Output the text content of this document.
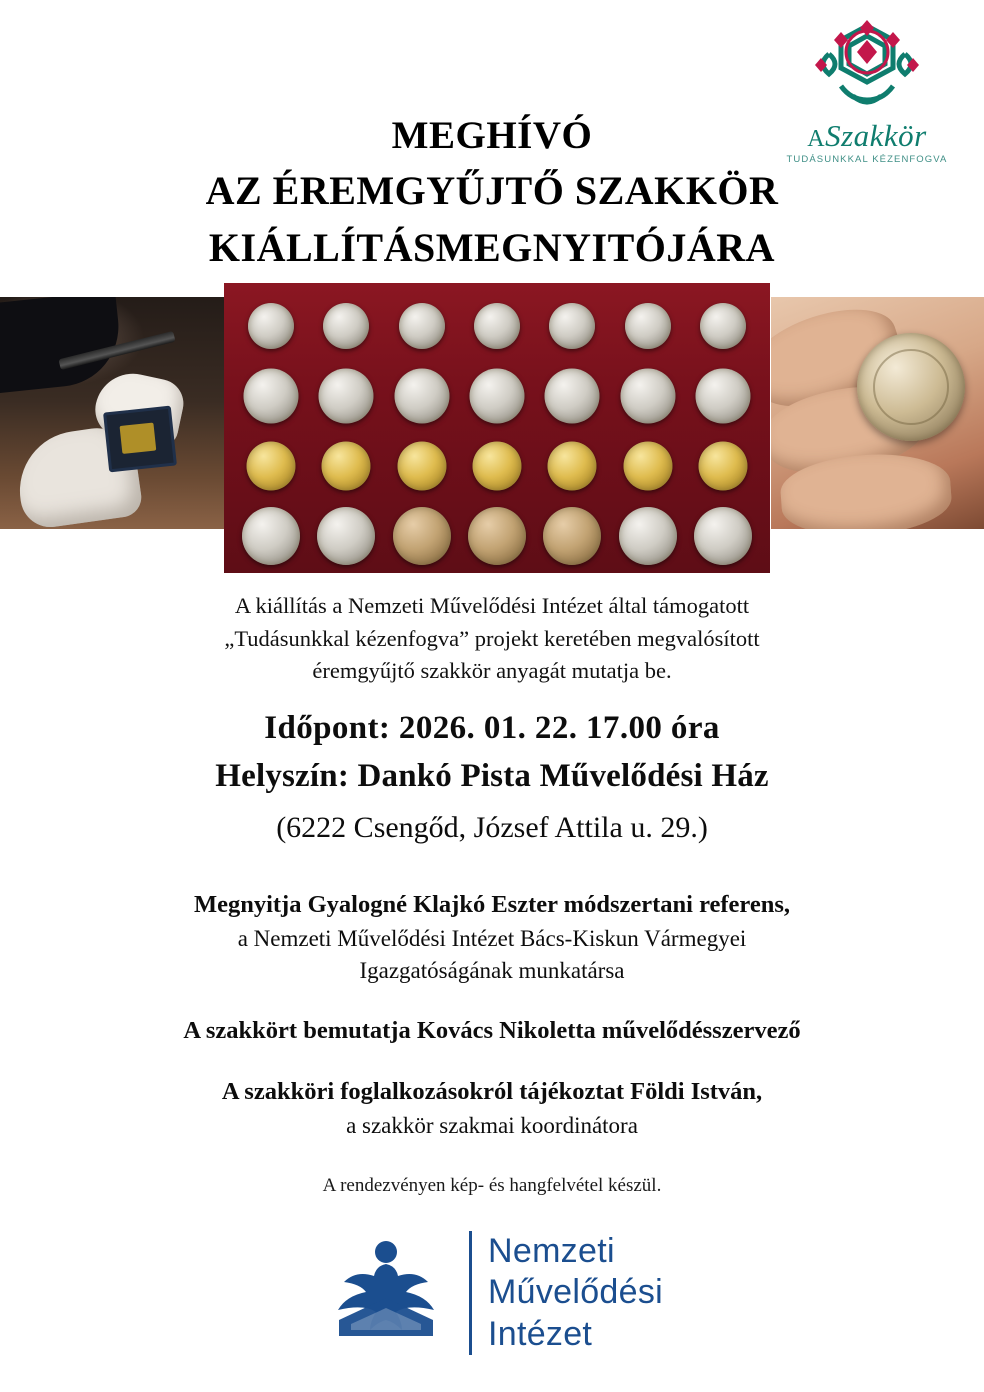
ASzakkör
TUDÁSUNKKAL KÉZENFOGVA
MEGHÍVÓ
AZ ÉREMGYŰJTŐ SZAKKÖR
KIÁLLÍTÁSMEGNYITÓJÁRA
A kiállítás a Nemzeti Művelődési Intézet által támogatott
„Tudásunkkal kézenfogva” projekt keretében megvalósított
éremgyűjtő szakkör anyagát mutatja be.
Időpont: 2026. 01. 22. 17.00 óra
Helyszín: Dankó Pista Művelődési Ház
(6222 Csengőd, József Attila u. 29.)
Megnyitja Gyalogné Klajkó Eszter módszertani referens,
a Nemzeti Művelődési Intézet Bács-Kiskun Vármegyei
Igazgatóságának munkatársa
A szakkört bemutatja Kovács Nikoletta művelődésszervező
A szakköri foglalkozásokról tájékoztat Földi István,
a szakkör szakmai koordinátora
A rendezvényen kép- és hangfelvétel készül.
Nemzeti
Művelődési
Intézet
